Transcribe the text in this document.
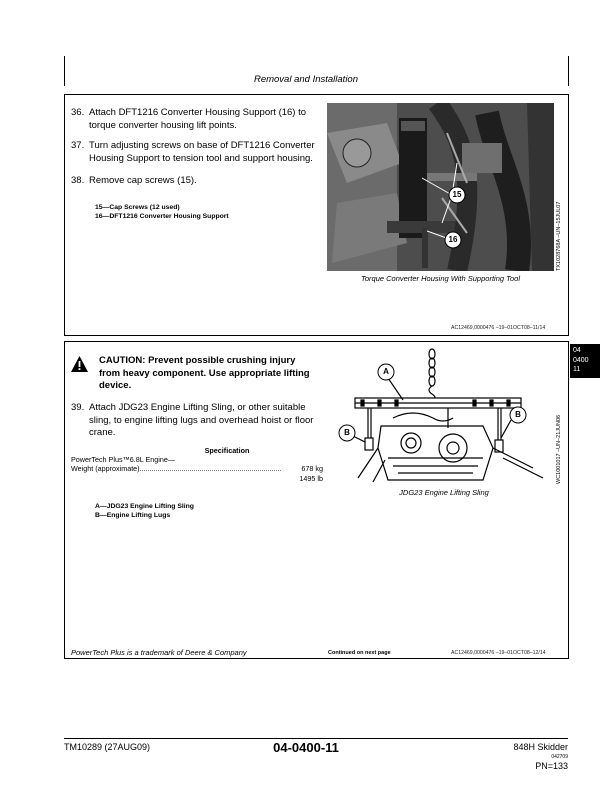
Removal and Installation
36. Attach DFT1216 Converter Housing Support (16) to
torque converter housing lift points.
37. Turn adjusting screws on base of DFT1216 Converter
Housing Support to tension tool and support housing.
38. Remove cap screws (15).
15—Cap Screws (12 used)
16—DFT1216 Converter Housing Support
15
16	TX1028768A –UN–15JUL07
Torque Converter Housing With Supporting Tool
AC12469,0000476 –19–01OCT08–11/14
04
0400
11
CAUTION: Prevent possible crushing injury
from heavy component. Use appropriate lifting
device.
39. Attach JDG23 Engine Lifting Sling, or other suitable
sling, to engine lifting lugs and overhead hoist or floor
crane.
Specification
PowerTech Plus™6.8L Engine—
Weight (approximate).......................................................................	678 kg
1495 lb
A—JDG23 Engine Lifting Sling
B—Engine Lifting Lugs
A
B
B	WC1001017 –UN–21JUN06
JDG23 Engine Lifting Sling
PowerTech Plus is a trademark of Deere & Company	Continued on next page	AC12469,0000476 –19–01OCT08–12/14
TM10289 (27AUG09)	04-0400-11	848H Skidder
042709
PN=133
